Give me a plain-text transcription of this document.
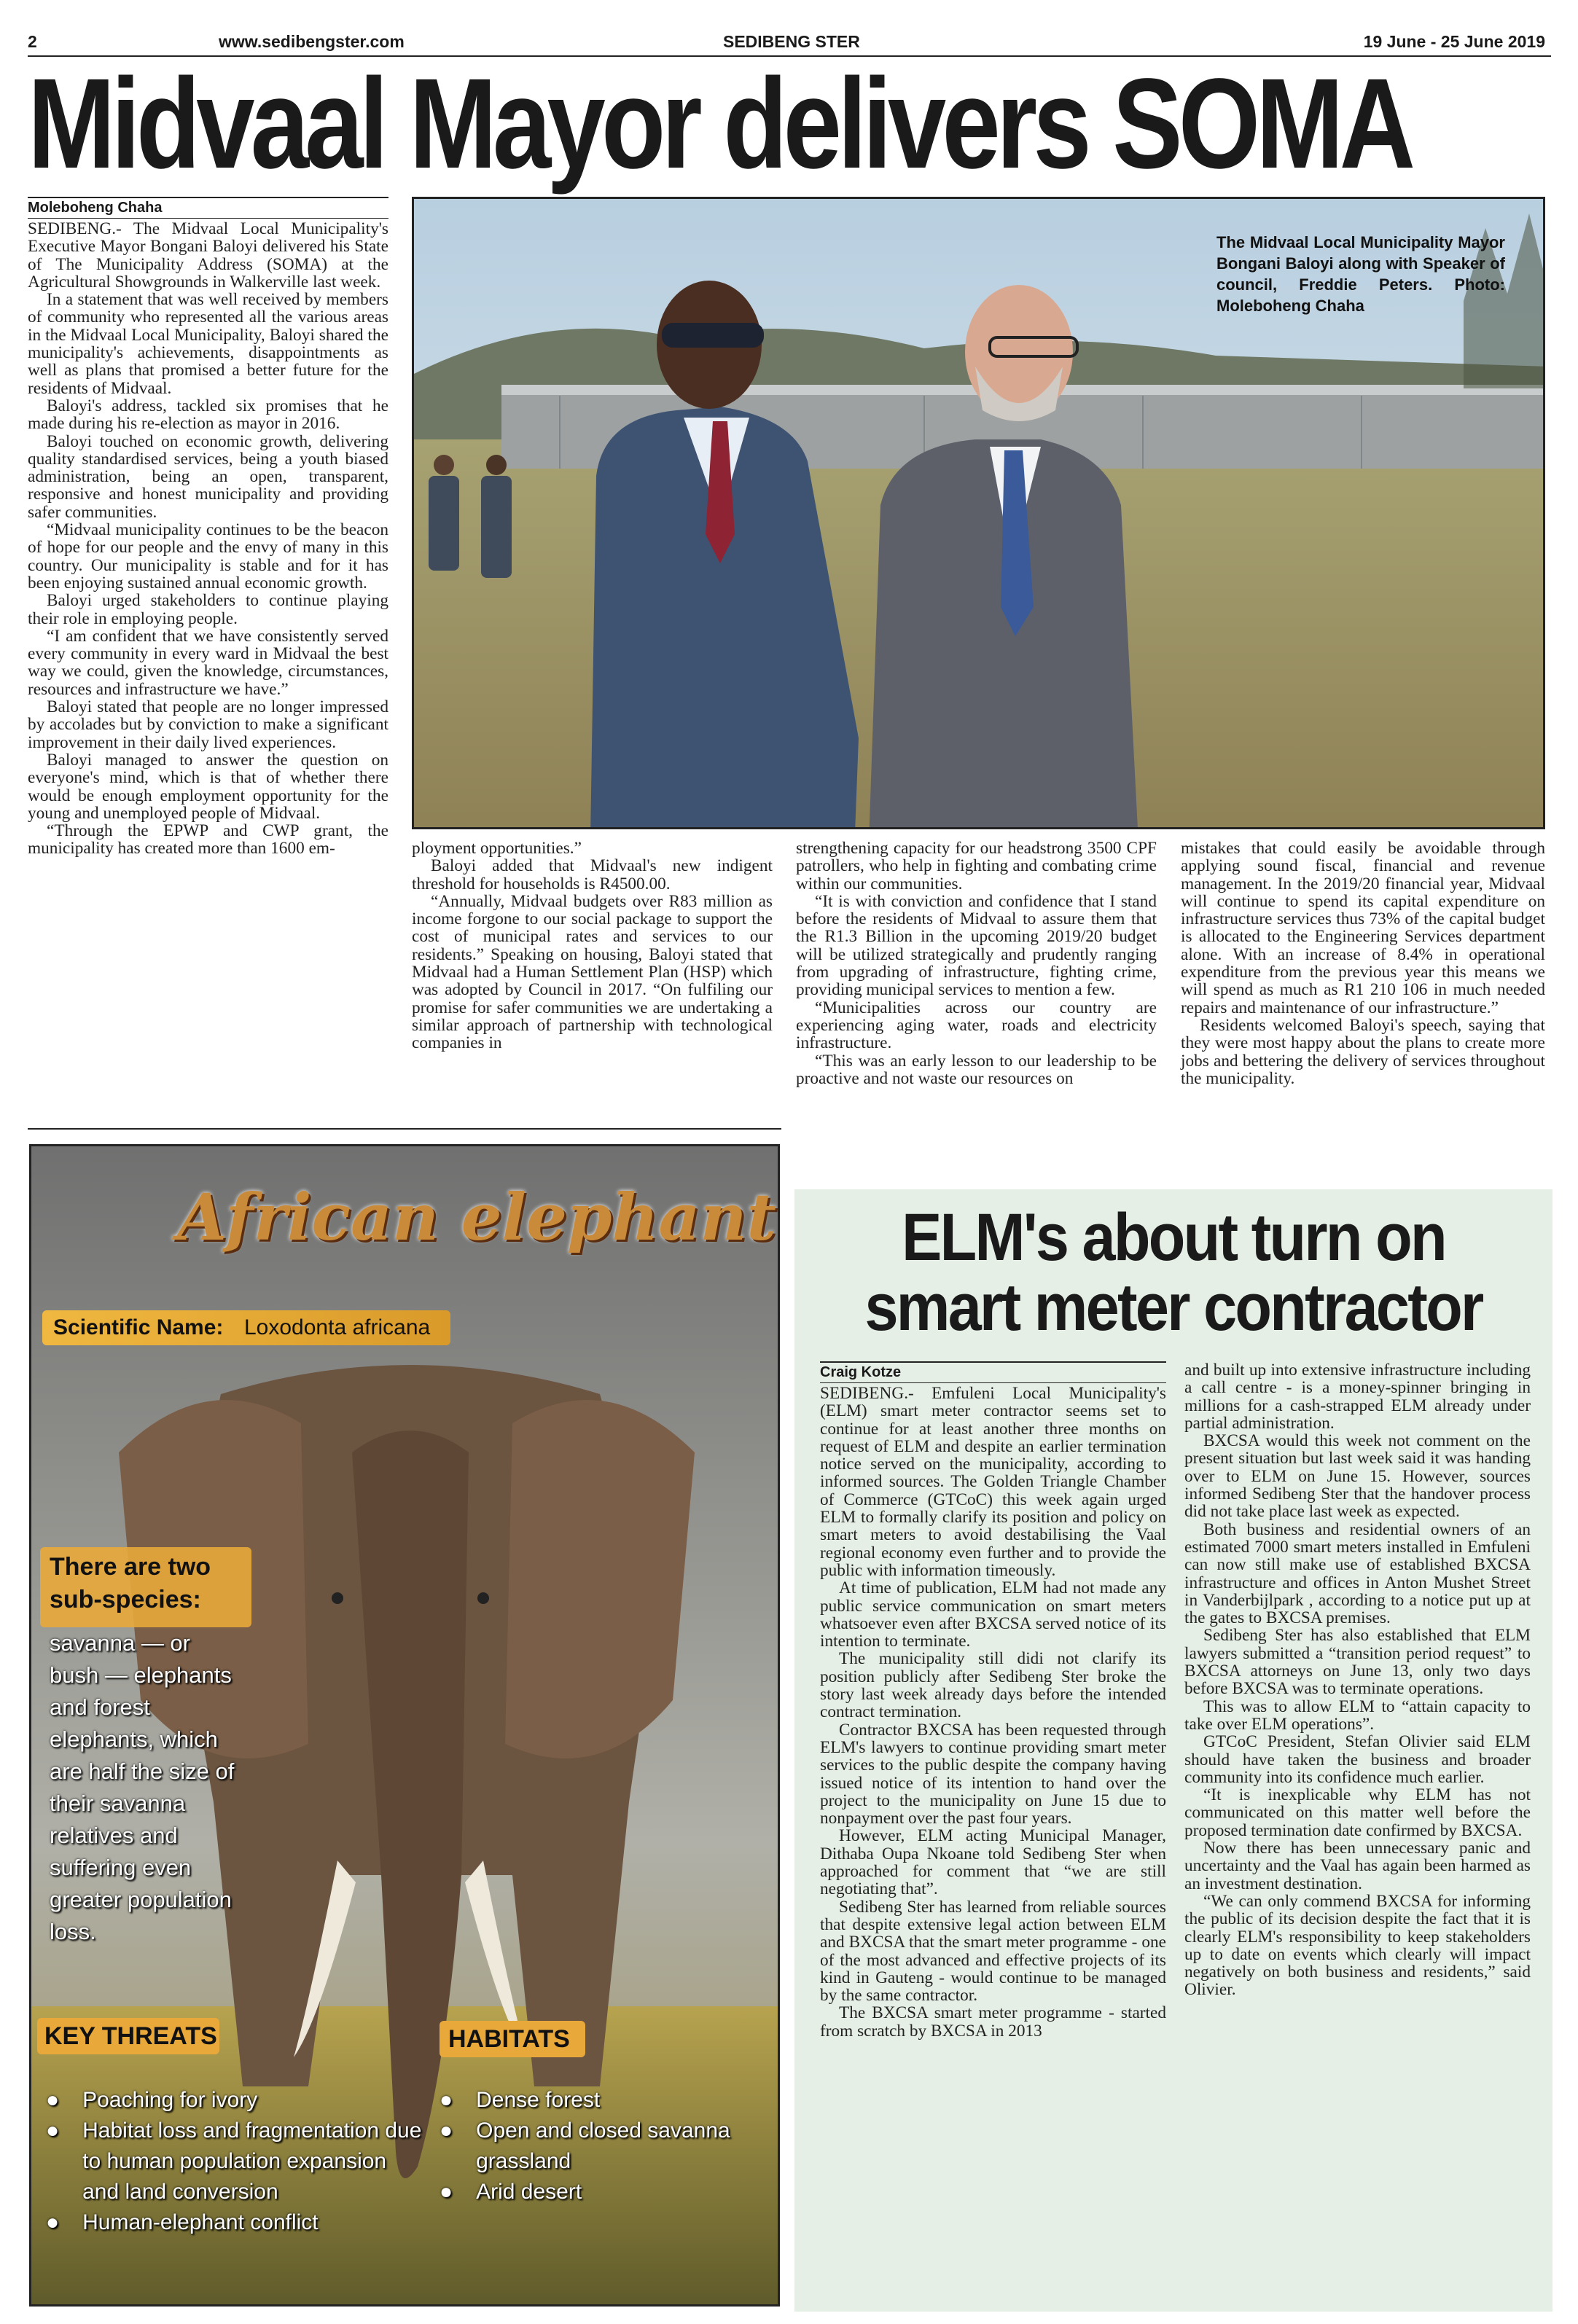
2	www.sedibengster.com	SEDIBENG STER	19 June - 25 June 2019
Midvaal Mayor delivers SOMA
Moleboheng Chaha

SEDIBENG.- The Midvaal Local Municipality's Executive Mayor Bongani Baloyi delivered his State of The Municipality Address (SOMA) at the Agricultural Showgrounds in Walkerville last week.

In a statement that was well received by members of community who represented all the various areas in the Midvaal Local Municipality, Baloyi shared the municipality's achievements, disappointments as well as plans that promised a better future for the residents of Midvaal.

Baloyi's address, tackled six promises that he made during his re-election as mayor in 2016.

Baloyi touched on economic growth, delivering quality standardised services, being a youth biased administration, being an open, transparent, responsive and honest municipality and providing safer communities.

“Midvaal municipality continues to be the beacon of hope for our people and the envy of many in this country. Our municipality is stable and for it has been enjoying sustained annual economic growth.

Baloyi urged stakeholders to continue playing their role in employing people.

“I am confident that we have consistently served every community in every ward in Midvaal the best way we could, given the knowledge, circumstances, resources and infrastructure we have.”

Baloyi stated that people are no longer impressed by accolades but by conviction to make a significant improvement in their daily lived experiences.

Baloyi managed to answer the question on everyone's mind, which is that of whether there would be enough employment opportunity for the young and unemployed people of Midvaal.

“Through the EPWP and CWP grant, the municipality has created more than 1600 em-

The Midvaal Local Municipality Mayor Bongani Baloyi along with Speaker of council, Freddie Peters. Photo: Moleboheng Chaha

ployment opportunities.”

Baloyi added that Midvaal's new indigent threshold for households is R4500.00.

“Annually, Midvaal budgets over R83 million as income forgone to our social package to support the cost of municipal rates and services to our residents.” Speaking on housing, Baloyi stated that Midvaal had a Human Settlement Plan (HSP) which was adopted by Council in 2017. “On fulfiling our promise for safer communities we are undertaking a similar approach of partnership with technological companies in

strengthening capacity for our headstrong 3500 CPF patrollers, who help in fighting and combating crime within our communities.

“It is with conviction and confidence that I stand before the residents of Midvaal to assure them that the R1.3 Billion in the upcoming 2019/20 budget will be utilized strategically and prudently ranging from upgrading of infrastructure, fighting crime, providing municipal services to mention a few.

“Municipalities across our country are experiencing aging water, roads and electricity infrastructure.

“This was an early lesson to our leadership to be proactive and not waste our resources on

mistakes that could easily be avoidable through applying sound fiscal, financial and revenue management. In the 2019/20 financial year, Midvaal will continue to spend its capital expenditure on infrastructure services thus 73% of the capital budget is allocated to the Engineering Services department alone. With an increase of 8.4% in operational expenditure from the previous year this means we will spend as much as R1 210 106 in much needed repairs and maintenance of our infrastructure.”

Residents welcomed Baloyi's speech, saying that they were most happy about the plans to create more jobs and bettering the delivery of services throughout the municipality.

African elephant
Scientific Name: Loxodonta africana
There are two sub-species:
savanna — or bush — elephants and forest elephants, which are half the size of their savanna relatives and suffering even greater population loss.
KEY THREATS
● Poaching for ivory
● Habitat loss and fragmentation due to human population expansion and land conversion
● Human-elephant conflict
HABITATS
● Dense forest
● Open and closed savanna grassland
● Arid desert
ELM's about turn on smart meter contractor
Craig Kotze

SEDIBENG.- Emfuleni Local Municipality's (ELM) smart meter contractor seems set to continue for at least another three months on request of ELM and despite an earlier termination notice served on the municipality, according to informed sources. The Golden Triangle Chamber of Commerce (GTCoC) this week again urged ELM to formally clarify its position and policy on smart meters to avoid destabilising the Vaal regional economy even further and to provide the public with information timeously.

At time of publication, ELM had not made any public service communication on smart meters whatsoever even after BXCSA served notice of its intention to terminate.

The municipality still didi not clarify its position publicly after Sedibeng Ster broke the story last week already days before the intended contract termination.

Contractor BXCSA has been requested through ELM's lawyers to continue providing smart meter services to the public despite the company having issued notice of its intention to hand over the project to the municipality on June 15 due to nonpayment over the past four years.

However, ELM acting Municipal Manager, Dithaba Oupa Nkoane told Sedibeng Ster when approached for comment that “we are still negotiating that”.

Sedibeng Ster has learned from reliable sources that despite extensive legal action between ELM and BXCSA that the smart meter programme - one of the most advanced and effective projects of its kind in Gauteng - would continue to be managed by the same contractor.

The BXCSA smart meter programme - started from scratch by BXCSA in 2013

and built up into extensive infrastructure including a call centre - is a money-spinner bringing in millions for a cash-strapped ELM already under partial administration.

BXCSA would this week not comment on the present situation but last week said it was handing over to ELM on June 15. However, sources informed Sedibeng Ster that the handover process did not take place last week as expected.

Both business and residential owners of an estimated 7000 smart meters installed in Emfuleni can now still make use of established BXCSA infrastructure and offices in Anton Mushet Street in Vanderbijlpark , according to a notice put up at the gates to BXCSA premises.

Sedibeng Ster has also established that ELM lawyers submitted a “transition period request” to BXCSA attorneys on June 13, only two days before BXCSA was to terminate operations.

This was to allow ELM to “attain capacity to take over ELM operations”.

GTCoC President, Stefan Olivier said ELM should have taken the business and broader community into its confidence much earlier.

“It is inexplicable why ELM has not communicated on this matter well before the proposed termination date confirmed by BXCSA.

Now there has been unnecessary panic and uncertainty and the Vaal has again been harmed as an investment destination.

“We can only commend BXCSA for informing the public of its decision despite the fact that it is clearly ELM's responsibility to keep stakeholders up to date on events which clearly will impact negatively on both business and residents,” said Olivier.
